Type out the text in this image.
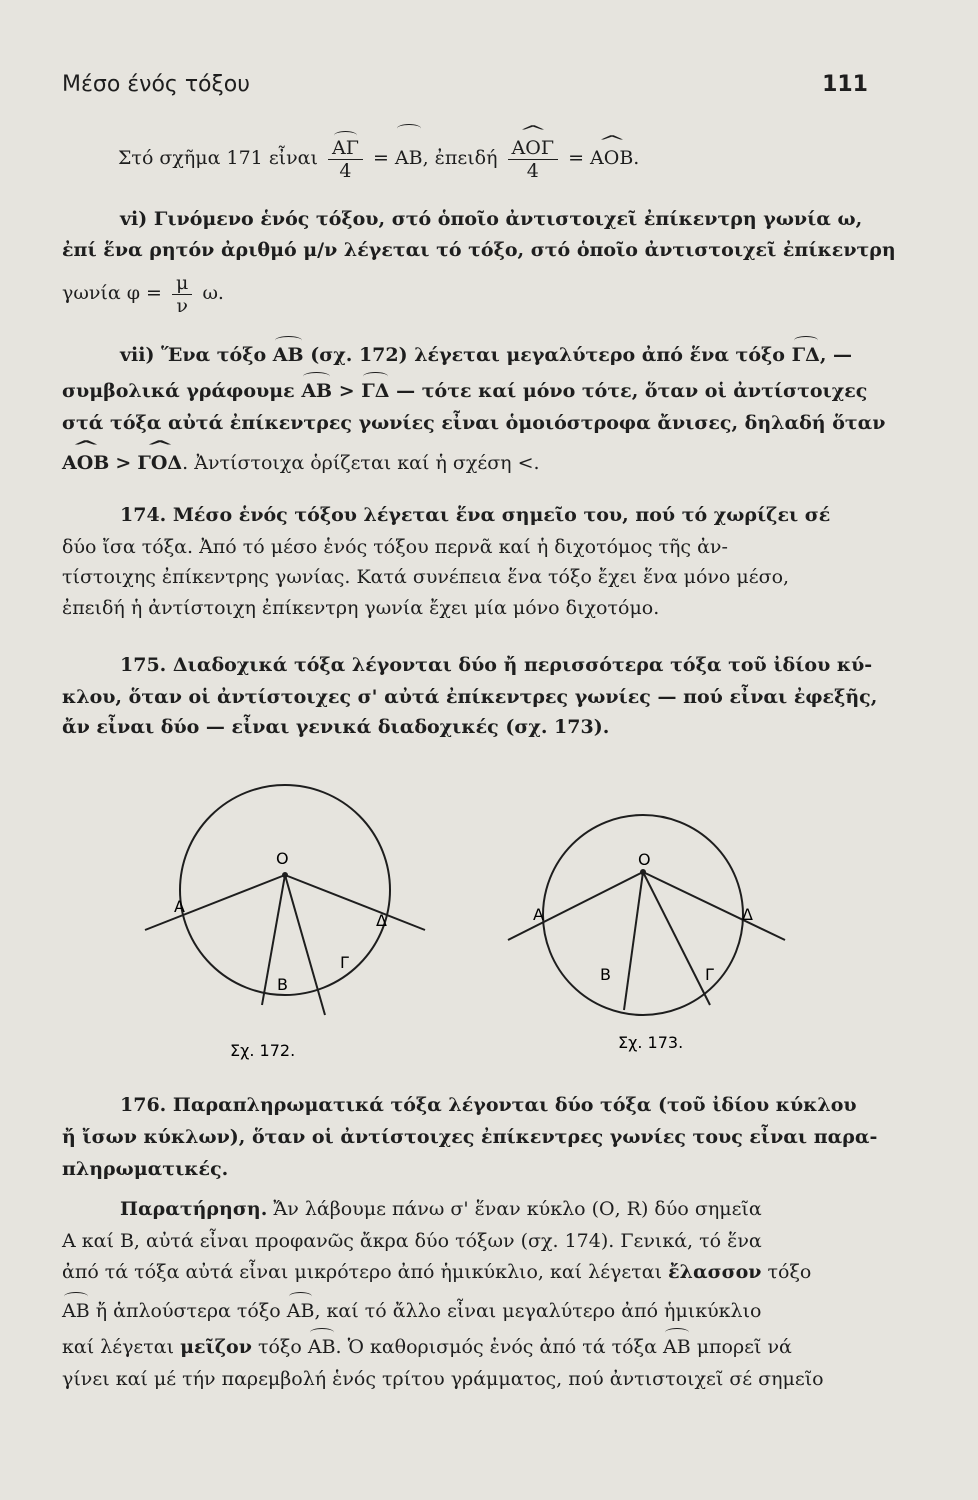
Μέσο ένός τόξου	111
Στό σχῆμα 171 εἶναι $\frac{A\Gamma}{4} = AB$, ἐπειδή ^ $\frac{\text{ΑΟΓ}}{4}$ = ^ ΑΟΒ.
vi) Γινόμενο ἑνός τόξου, στό ὁποῖο ἀντιστοιχεῖ ἐπίκεντρη γωνία ω,
ἐπί ἕνα ρητόν ἀριθμό μ/ν λέγεται τό τόξο, στό ὁποῖο ἀντιστοιχεῖ ἐπίκεντρη
γωνία $\varphi = \frac{\mu}{\nu} \omega$.
vii) Ἕνα τόξο ΑΒ (σχ. 172) λέγεται μεγαλύτερο ἀπό ἕνα τόξο ΓΔ, —
συμβολικά γράφουμε ΑΒ > ΓΔ — τότε καί μόνο τότε, ὅταν οἱ ἀντίστοιχες
στά τόξα αὐτά ἐπίκεντρες γωνίες εἶναι ὁμοιόστροφα ἄνισες, δηλαδή ὅταν
^ ΑΟΒ > ^ ΓΟΔ. Ἀντίστοιχα ὁρίζεται καί ἡ σχέση <.
174. Μέσο ἑνός τόξου λέγεται ἕνα σημεῖο του, πού τό χωρίζει σέ
δύο ἴσα τόξα. Ἀπό τό μέσο ἑνός τόξου περνᾶ καί ἡ διχοτόμος τῆς ἀν-
τίστοιχης ἐπίκεντρης γωνίας. Κατά συνέπεια ἕνα τόξο ἔχει ἕνα μόνο μέσο,
ἐπειδή ἡ ἀντίστοιχη ἐπίκεντρη γωνία ἔχει μία μόνο διχοτόμο.
175. Διαδοχικά τόξα λέγονται δύο ἤ περισσότερα τόξα τοῦ ἰδίου κύ-
κλου, ὅταν οἱ ἀντίστοιχες σ' αὐτά ἐπίκεντρες γωνίες — πού εἶναι ἐφεξῆς,
ἄν εἶναι δύο — εἶναι γενικά διαδοχικές (σχ. 173).
Ο
Α
Β
Γ
Δ
Σχ. 172.
Ο
Α
Β	Γ
Δ
Σχ. 173.
176. Παραπληρωματικά τόξα λέγονται δύο τόξα (τοῦ ἰδίου κύκλου
ἤ ἴσων κύκλων), ὅταν οἱ ἀντίστοιχες ἐπίκεντρες γωνίες τους εἶναι παρα-
πληρωματικές.
Παρατήρηση. Ἄν λάβουμε πάνω σ' ἕναν κύκλο (Ο, R) δύο σημεῖα
Α καί Β, αὐτά εἶναι προφανῶς ἄκρα δύο τόξων (σχ. 174). Γενικά, τό ἕνα
ἀπό τά τόξα αὐτά εἶναι μικρότερο ἀπό ἡμικύκλιο, καί λέγεται ἔλασσον τόξο
ΑΒ ἤ ἁπλούστερα τόξο ΑΒ, καί τό ἄλλο εἶναι μεγαλύτερο ἀπό ἡμικύκλιο
καί λέγεται μεῖζον τόξο ΑΒ. Ὁ καθορισμός ἑνός ἀπό τά τόξα ΑΒ μπορεῖ νά
γίνει καί μέ τήν παρεμβολή ἑνός τρίτου γράμματος, πού ἀντιστοιχεῖ σέ σημεῖο
